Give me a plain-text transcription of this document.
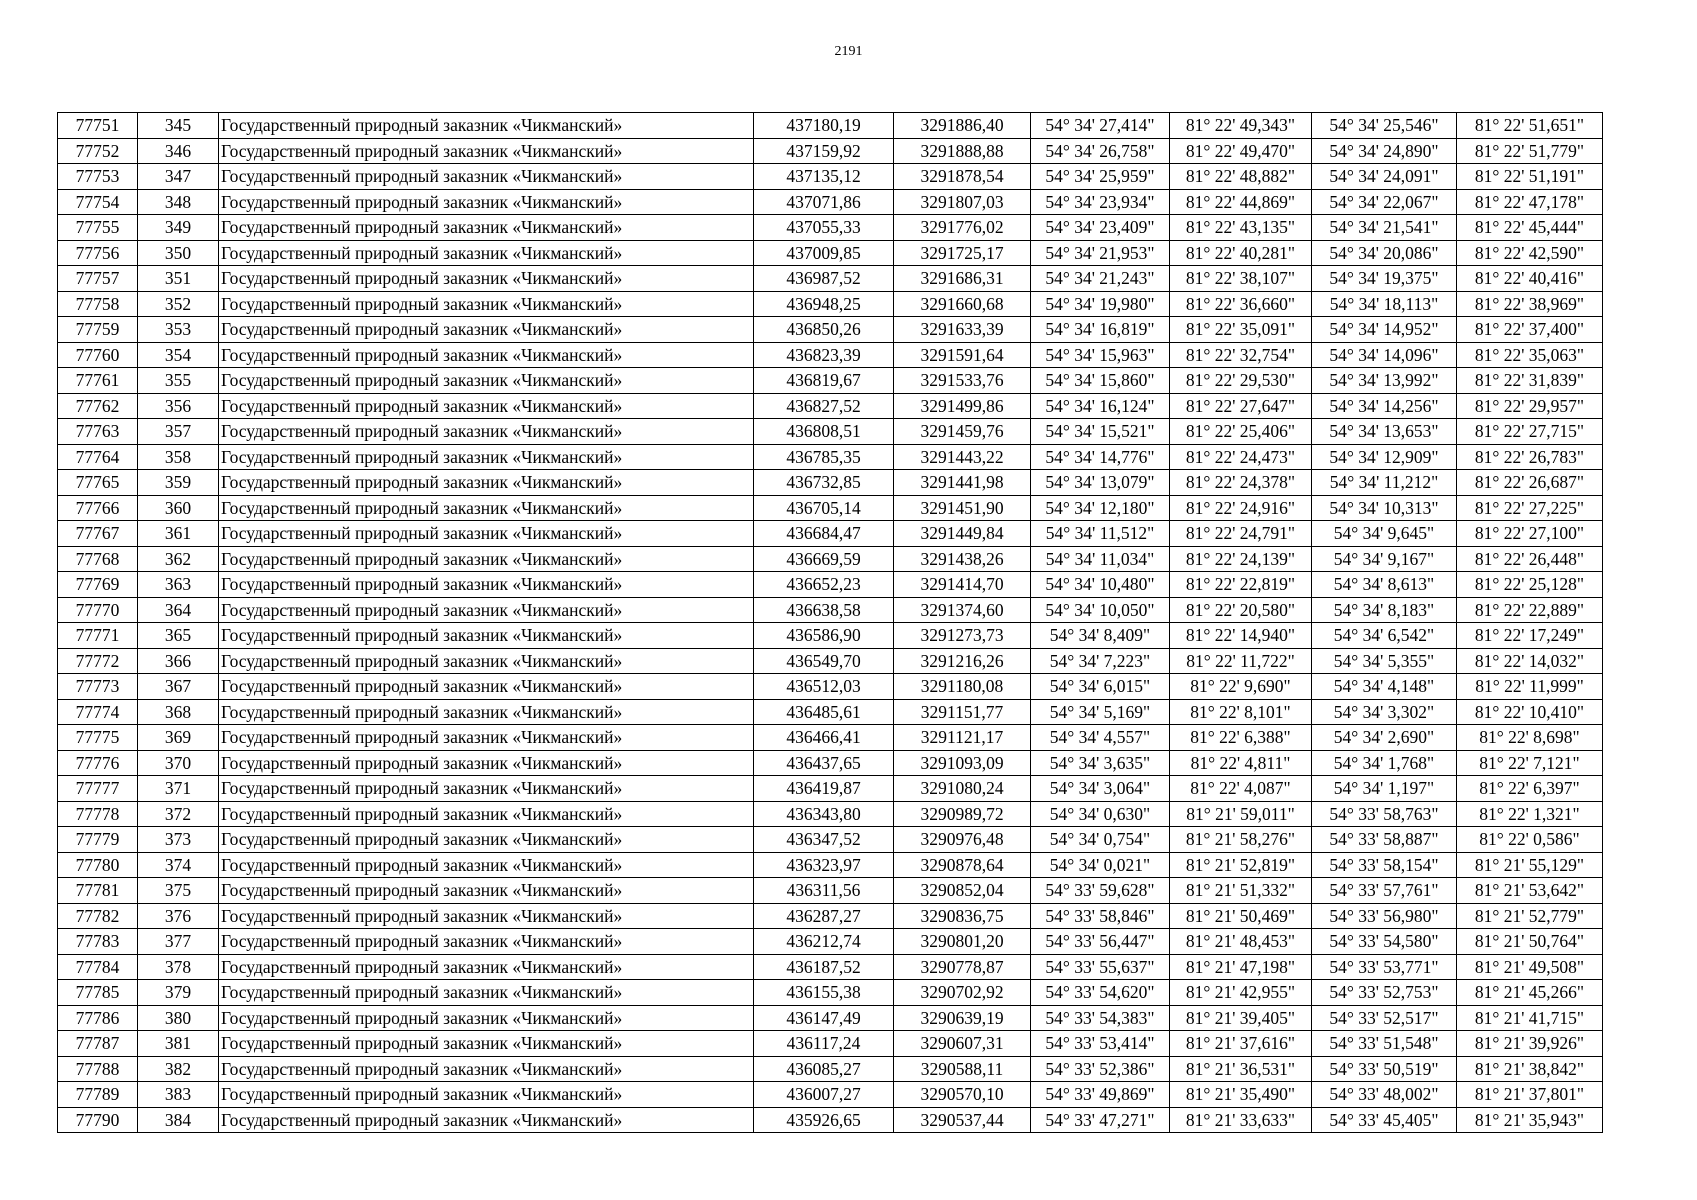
2191
77751	345	Государственный природный заказник «Чикманский»	437180,19	3291886,40	54° 34' 27,414"	81° 22' 49,343"	54° 34' 25,546"	81° 22' 51,651"
77752	346	Государственный природный заказник «Чикманский»	437159,92	3291888,88	54° 34' 26,758"	81° 22' 49,470"	54° 34' 24,890"	81° 22' 51,779"
77753	347	Государственный природный заказник «Чикманский»	437135,12	3291878,54	54° 34' 25,959"	81° 22' 48,882"	54° 34' 24,091"	81° 22' 51,191"
77754	348	Государственный природный заказник «Чикманский»	437071,86	3291807,03	54° 34' 23,934"	81° 22' 44,869"	54° 34' 22,067"	81° 22' 47,178"
77755	349	Государственный природный заказник «Чикманский»	437055,33	3291776,02	54° 34' 23,409"	81° 22' 43,135"	54° 34' 21,541"	81° 22' 45,444"
77756	350	Государственный природный заказник «Чикманский»	437009,85	3291725,17	54° 34' 21,953"	81° 22' 40,281"	54° 34' 20,086"	81° 22' 42,590"
77757	351	Государственный природный заказник «Чикманский»	436987,52	3291686,31	54° 34' 21,243"	81° 22' 38,107"	54° 34' 19,375"	81° 22' 40,416"
77758	352	Государственный природный заказник «Чикманский»	436948,25	3291660,68	54° 34' 19,980"	81° 22' 36,660"	54° 34' 18,113"	81° 22' 38,969"
77759	353	Государственный природный заказник «Чикманский»	436850,26	3291633,39	54° 34' 16,819"	81° 22' 35,091"	54° 34' 14,952"	81° 22' 37,400"
77760	354	Государственный природный заказник «Чикманский»	436823,39	3291591,64	54° 34' 15,963"	81° 22' 32,754"	54° 34' 14,096"	81° 22' 35,063"
77761	355	Государственный природный заказник «Чикманский»	436819,67	3291533,76	54° 34' 15,860"	81° 22' 29,530"	54° 34' 13,992"	81° 22' 31,839"
77762	356	Государственный природный заказник «Чикманский»	436827,52	3291499,86	54° 34' 16,124"	81° 22' 27,647"	54° 34' 14,256"	81° 22' 29,957"
77763	357	Государственный природный заказник «Чикманский»	436808,51	3291459,76	54° 34' 15,521"	81° 22' 25,406"	54° 34' 13,653"	81° 22' 27,715"
77764	358	Государственный природный заказник «Чикманский»	436785,35	3291443,22	54° 34' 14,776"	81° 22' 24,473"	54° 34' 12,909"	81° 22' 26,783"
77765	359	Государственный природный заказник «Чикманский»	436732,85	3291441,98	54° 34' 13,079"	81° 22' 24,378"	54° 34' 11,212"	81° 22' 26,687"
77766	360	Государственный природный заказник «Чикманский»	436705,14	3291451,90	54° 34' 12,180"	81° 22' 24,916"	54° 34' 10,313"	81° 22' 27,225"
77767	361	Государственный природный заказник «Чикманский»	436684,47	3291449,84	54° 34' 11,512"	81° 22' 24,791"	54° 34' 9,645"	81° 22' 27,100"
77768	362	Государственный природный заказник «Чикманский»	436669,59	3291438,26	54° 34' 11,034"	81° 22' 24,139"	54° 34' 9,167"	81° 22' 26,448"
77769	363	Государственный природный заказник «Чикманский»	436652,23	3291414,70	54° 34' 10,480"	81° 22' 22,819"	54° 34' 8,613"	81° 22' 25,128"
77770	364	Государственный природный заказник «Чикманский»	436638,58	3291374,60	54° 34' 10,050"	81° 22' 20,580"	54° 34' 8,183"	81° 22' 22,889"
77771	365	Государственный природный заказник «Чикманский»	436586,90	3291273,73	54° 34' 8,409"	81° 22' 14,940"	54° 34' 6,542"	81° 22' 17,249"
77772	366	Государственный природный заказник «Чикманский»	436549,70	3291216,26	54° 34' 7,223"	81° 22' 11,722"	54° 34' 5,355"	81° 22' 14,032"
77773	367	Государственный природный заказник «Чикманский»	436512,03	3291180,08	54° 34' 6,015"	81° 22' 9,690"	54° 34' 4,148"	81° 22' 11,999"
77774	368	Государственный природный заказник «Чикманский»	436485,61	3291151,77	54° 34' 5,169"	81° 22' 8,101"	54° 34' 3,302"	81° 22' 10,410"
77775	369	Государственный природный заказник «Чикманский»	436466,41	3291121,17	54° 34' 4,557"	81° 22' 6,388"	54° 34' 2,690"	81° 22' 8,698"
77776	370	Государственный природный заказник «Чикманский»	436437,65	3291093,09	54° 34' 3,635"	81° 22' 4,811"	54° 34' 1,768"	81° 22' 7,121"
77777	371	Государственный природный заказник «Чикманский»	436419,87	3291080,24	54° 34' 3,064"	81° 22' 4,087"	54° 34' 1,197"	81° 22' 6,397"
77778	372	Государственный природный заказник «Чикманский»	436343,80	3290989,72	54° 34' 0,630"	81° 21' 59,011"	54° 33' 58,763"	81° 22' 1,321"
77779	373	Государственный природный заказник «Чикманский»	436347,52	3290976,48	54° 34' 0,754"	81° 21' 58,276"	54° 33' 58,887"	81° 22' 0,586"
77780	374	Государственный природный заказник «Чикманский»	436323,97	3290878,64	54° 34' 0,021"	81° 21' 52,819"	54° 33' 58,154"	81° 21' 55,129"
77781	375	Государственный природный заказник «Чикманский»	436311,56	3290852,04	54° 33' 59,628"	81° 21' 51,332"	54° 33' 57,761"	81° 21' 53,642"
77782	376	Государственный природный заказник «Чикманский»	436287,27	3290836,75	54° 33' 58,846"	81° 21' 50,469"	54° 33' 56,980"	81° 21' 52,779"
77783	377	Государственный природный заказник «Чикманский»	436212,74	3290801,20	54° 33' 56,447"	81° 21' 48,453"	54° 33' 54,580"	81° 21' 50,764"
77784	378	Государственный природный заказник «Чикманский»	436187,52	3290778,87	54° 33' 55,637"	81° 21' 47,198"	54° 33' 53,771"	81° 21' 49,508"
77785	379	Государственный природный заказник «Чикманский»	436155,38	3290702,92	54° 33' 54,620"	81° 21' 42,955"	54° 33' 52,753"	81° 21' 45,266"
77786	380	Государственный природный заказник «Чикманский»	436147,49	3290639,19	54° 33' 54,383"	81° 21' 39,405"	54° 33' 52,517"	81° 21' 41,715"
77787	381	Государственный природный заказник «Чикманский»	436117,24	3290607,31	54° 33' 53,414"	81° 21' 37,616"	54° 33' 51,548"	81° 21' 39,926"
77788	382	Государственный природный заказник «Чикманский»	436085,27	3290588,11	54° 33' 52,386"	81° 21' 36,531"	54° 33' 50,519"	81° 21' 38,842"
77789	383	Государственный природный заказник «Чикманский»	436007,27	3290570,10	54° 33' 49,869"	81° 21' 35,490"	54° 33' 48,002"	81° 21' 37,801"
77790	384	Государственный природный заказник «Чикманский»	435926,65	3290537,44	54° 33' 47,271"	81° 21' 33,633"	54° 33' 45,405"	81° 21' 35,943"
